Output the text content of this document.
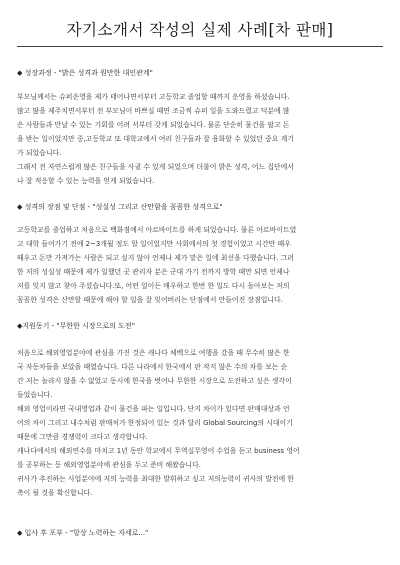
자기소개서 작성의 실제 사례[차 판매]
◆ 성장과정 - "밝은 성격과 원만한 대인관계"
부모님께서는 슈퍼운영을 제가 태어나면서부터 고등학교 졸업할 때까지 운영을 하셨습니다.
많고 많을 제주치면서부터 전 부모님이 바쁘실 때면 조금씩 슈퍼 일을 도와드렸고 덕분에 많
은 사람들과 만날 수 있는 기회를 어려 서부터 갖게 되었습니다. 물론 단순히 물건을 팔고 돈
을 받는 일이었지만 중,고등학교 또 대학교에서 여러 친구들과 잘 융화할 수 있었던 중요 계기
가 되었습니다.
그래서 전 자연스럽게 많은 친구들을 사귈 수 있게 되었으며 더불어 밝은 성격, 어느 집단에서
나 잘 적응할 수 있는 능력을 얻게 되었습니다.
◆ 성격의 장점 및 단점 - "성실성 그리고 산만함을 꼼꼼한 성격으로"
고등학교를 졸업하고 처음으로 백화점에서 아르바이트를 하게 되었습니다. 물론 아르바이트였
고 대학 들어가기 전에 2~3개월 정도 할 일이었지만 사회에서의 첫 경험이었고 시간만 때우
때우고 돈만 가져가는 사람은 되고 싶지 않아 언제나 제가 맡은 일에 최선을 다했습니다. 그러
한 저의 성실성 때문에 제가 일했던 곳 관리자 분은 군대 가기 전까지 방학 때만 되면 언제나
저를 잊지 않고 찾아 주셨습니다.또, 어떤 일이든 매우하고 한번 한 일도 다시 돌아보는 저의
꼼꼼한 성격은 산만할 때문에 해야 할 일을 잘 잊어버리는 단점에서 만들어진 장점입니다.
◆지원동기 - "무한한 시장으로의 도전"
처음으로 해외영업분야에 관심을 가진 것은 캐나다 체벡으로 여행을 갔을 때 무수히 많은 한
국 자동차들을 보았을 때였습니다. 다른 나라에서 한국에서 판 작지 않은 수의 차를 보는 순
간 저는 놀라지 않을 수 없었고 동시에 한국을 벗어나 무한한 시장으로 도전하고 싶은 생각이
들었습니다.
해외 영업이라면 국내영업과 같이 물건을 파는 일입니다. 단지 차이가 있다면 판매대상과 언
어의 차이 그리고 내수처럼 판매처가 한정되어 있는 것과 달리 Global Sourcing의 시대이기
때문에 그만큼 경쟁력이 크다고 생각합니다.
캐나다에서의 해외연수를 마치고 1년 동안 학교에서 무역실무영어 수업을 듣고 business 영어
를 공부하는 등 해외영업분야에 관심을 두고 준비 해왔습니다.
귀사가 추진하는 사업분야에 저의 능력을 최대한 발휘하고 싶고 저의능력이 귀사의 발전에 한
축이 될 것을 확신합니다.
◆ 입사 후 포부 - "항상 노력하는 자세로..."
